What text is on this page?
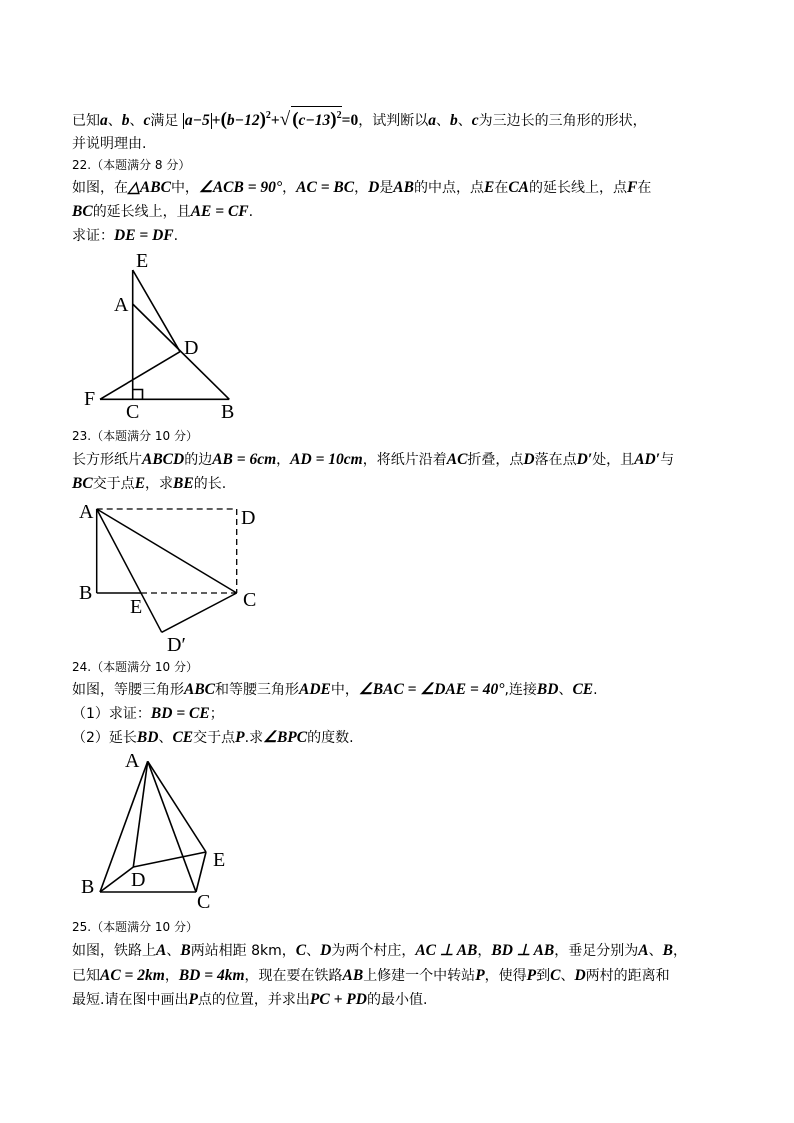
已知a、b、c满足 $a-5 +(b-12)^2+√$ $(c-13)^2=0$，试判断以a、b、c为三边长的三角形的形状，
并说明理由.
22.（本题满分 8 分）
如图，在△ABC中，∠ACB = 90°，AC = BC，D是AB的中点，点E在CA的延长线上，点F在
BC的延长线上，且AE = CF.
求证：DE = DF.
E
A
D
F
C	B
A	D
B
E	C
D′
A
E
D
B
C
23.（本题满分 10 分）
长方形纸片ABCD的边AB = 6cm，AD = 10cm，将纸片沿着AC折叠，点D落在点D′处，且AD′与
BC交于点E，求BE的长.
24.（本题满分 10 分）
如图，等腰三角形ABC和等腰三角形ADE中，∠BAC = ∠DAE = 40°,连接BD、CE.
（1）求证：BD = CE；
（2）延长BD、CE交于点P.求∠BPC的度数.
25.（本题满分 10 分）
如图，铁路上A、B两站相距 8km，C、D为两个村庄，AC ⊥ AB，BD ⊥ AB，垂足分别为A、B，
已知AC = 2km，BD = 4km，现在要在铁路AB上修建一个中转站P，使得P到C、D两村的距离和
最短.请在图中画出P点的位置，并求出PC + PD的最小值.
